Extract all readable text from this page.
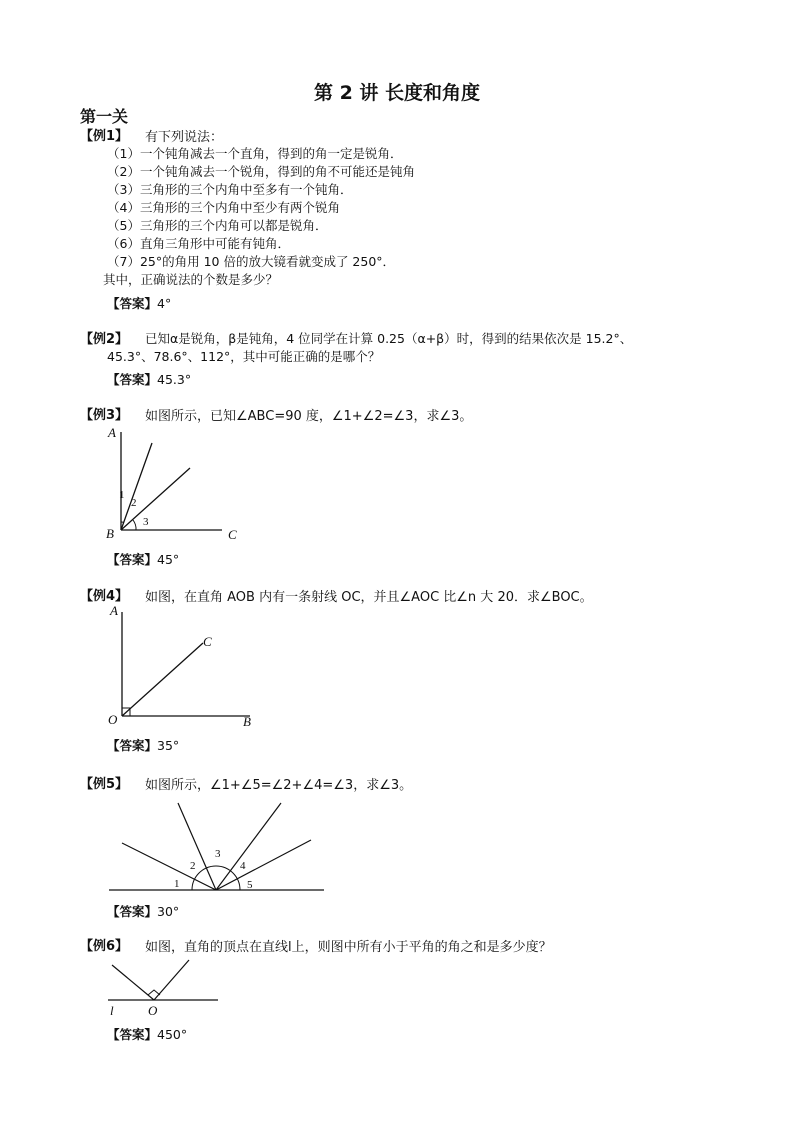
第 2 讲 长度和角度
第一关
【例1】 有下列说法：
（1）一个钝角减去一个直角，得到的角一定是锐角．
（2）一个钝角减去一个锐角，得到的角不可能还是钝角
（3）三角形的三个内角中至多有一个钝角．
（4）三角形的三个内角中至少有两个锐角
（5）三角形的三个内角可以都是锐角．
（6）直角三角形中可能有钝角．
（7）25°的角用 10 倍的放大镜看就变成了 250°．
其中，正确说法的个数是多少？
【答案】4°
【例2】 已知α是锐角，β是钝角，4 位同学在计算 0.25（α+β）时，得到的结果依次是 15.2°、
45.3°、78.6°、112°，其中可能正确的是哪个？
【答案】45.3°
【例3】 如图所示，已知∠ABC=90 度，∠1+∠2=∠3，求∠3。
A
B	C
1
2
3
【答案】45°
【例4】 如图，在直角 AOB 内有一条射线 OC，并且∠AOC 比∠n 大 20．求∠BOC。
A
C
O	B
【答案】35°
【例5】 如图所示，∠1+∠5=∠2+∠4=∠3，求∠3。
1
2
3
4
5
【答案】30°
【例6】 如图，直角的顶点在直线l上，则图中所有小于平角的角之和是多少度？
l	O
【答案】450°
